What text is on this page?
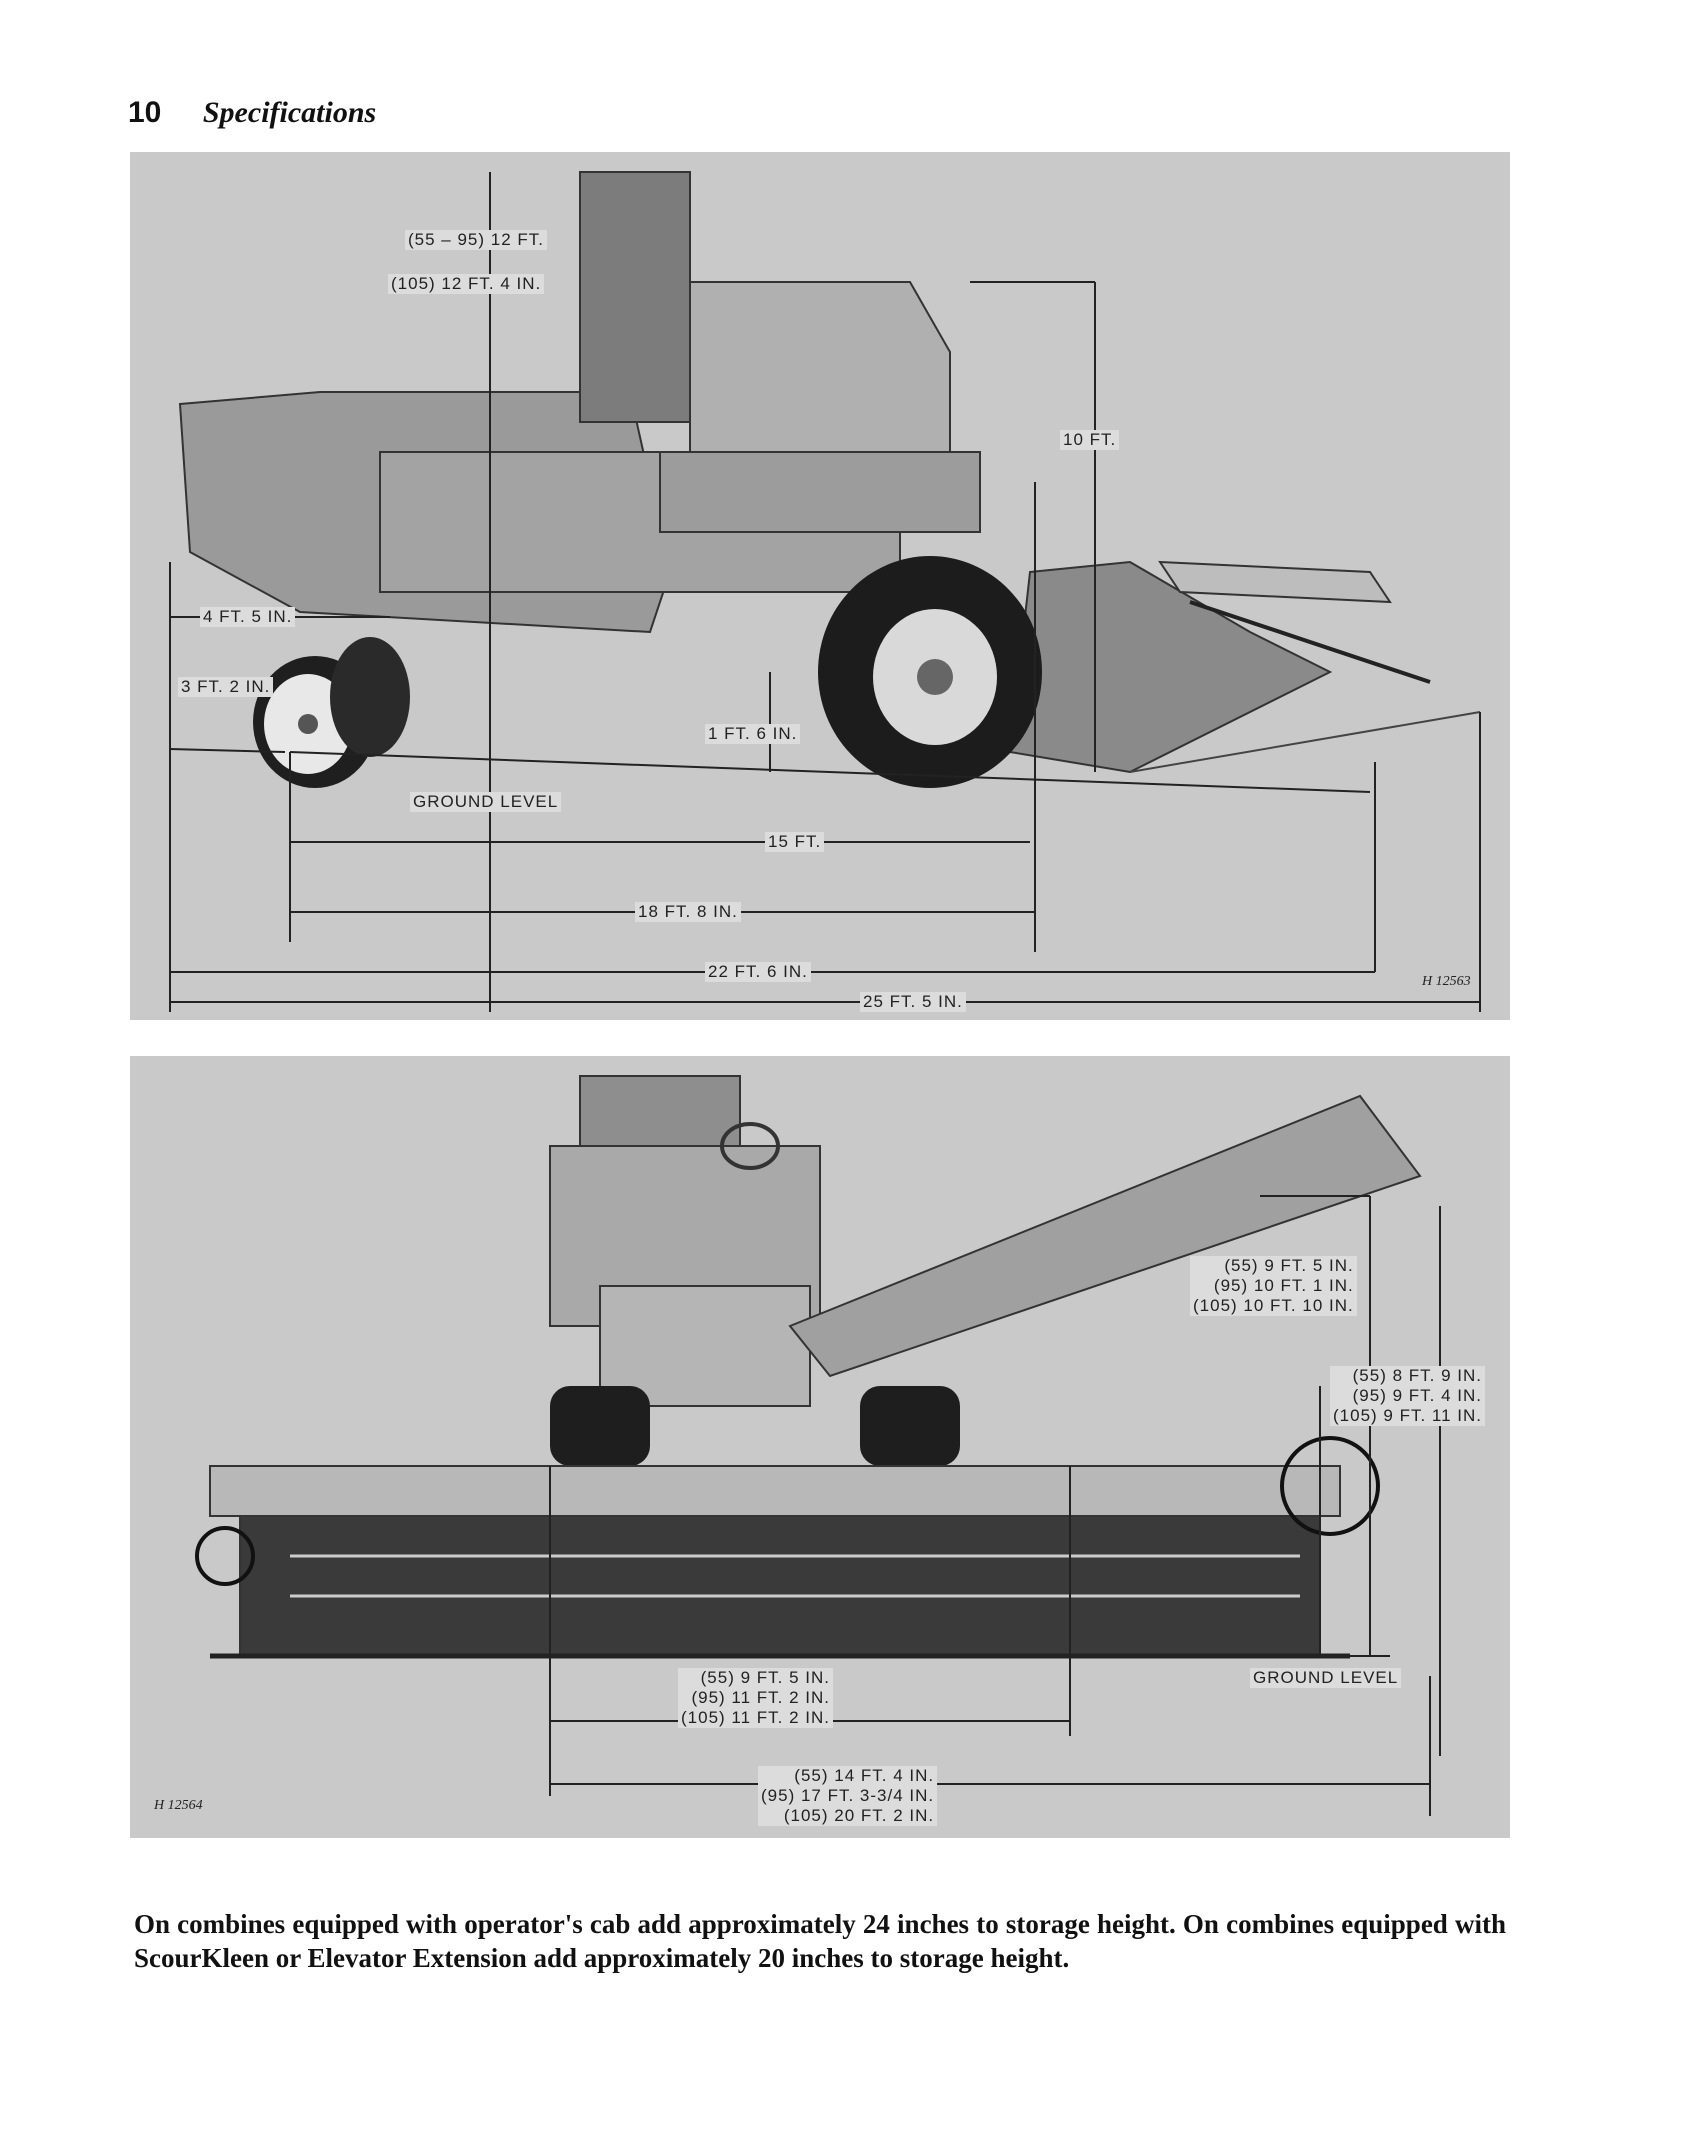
10 Specifications
(55 – 95) 12 FT.
(105) 12 FT. 4 IN.
10 FT.
4 FT. 5 IN.
3 FT. 2 IN.
1 FT. 6 IN.
GROUND LEVEL
15 FT.
18 FT. 8 IN.
22 FT. 6 IN.
25 FT. 5 IN.
H 12563
(55) 9 FT. 5 IN.
(95) 10 FT. 1 IN.
(105) 10 FT. 10 IN.
(55) 8 FT. 9 IN.
(95) 9 FT. 4 IN.
(105) 9 FT. 11 IN.
GROUND LEVEL
(55) 9 FT. 5 IN.
(95) 11 FT. 2 IN.
(105) 11 FT. 2 IN.
(55) 14 FT. 4 IN.
(95) 17 FT. 3-3/4 IN.
(105) 20 FT. 2 IN.
H 12564

On combines equipped with operator's cab add approximately 24 inches to storage height. On combines equipped with ScourKleen or Elevator Extension add approximately 20 inches to storage height.
